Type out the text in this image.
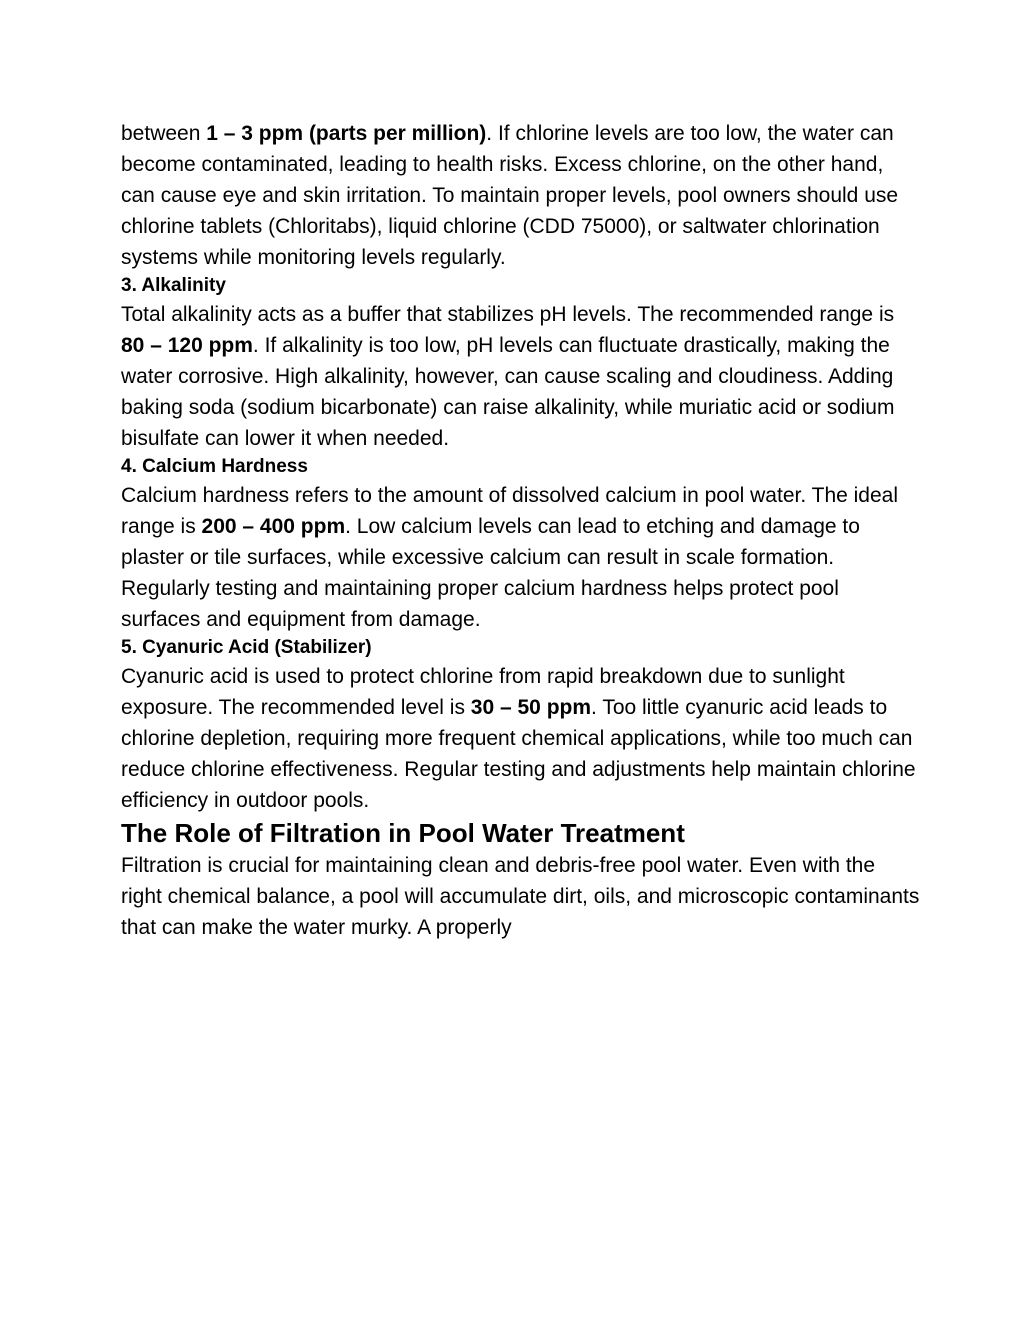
between 1 – 3 ppm (parts per million). If chlorine levels are too low, the water can become contaminated, leading to health risks. Excess chlorine, on the other hand, can cause eye and skin irritation. To maintain proper levels, pool owners should use chlorine tablets (Chloritabs), liquid chlorine (CDD 75000), or saltwater chlorination systems while monitoring levels regularly.

3. Alkalinity

Total alkalinity acts as a buffer that stabilizes pH levels. The recommended range is 80 – 120 ppm. If alkalinity is too low, pH levels can fluctuate drastically, making the water corrosive. High alkalinity, however, can cause scaling and cloudiness. Adding baking soda (sodium bicarbonate) can raise alkalinity, while muriatic acid or sodium bisulfate can lower it when needed.

4. Calcium Hardness

Calcium hardness refers to the amount of dissolved calcium in pool water. The ideal range is 200 – 400 ppm. Low calcium levels can lead to etching and damage to plaster or tile surfaces, while excessive calcium can result in scale formation. Regularly testing and maintaining proper calcium hardness helps protect pool surfaces and equipment from damage.

5. Cyanuric Acid (Stabilizer)

Cyanuric acid is used to protect chlorine from rapid breakdown due to sunlight exposure. The recommended level is 30 – 50 ppm. Too little cyanuric acid leads to chlorine depletion, requiring more frequent chemical applications, while too much can reduce chlorine effectiveness. Regular testing and adjustments help maintain chlorine efficiency in outdoor pools.

The Role of Filtration in Pool Water Treatment

Filtration is crucial for maintaining clean and debris-free pool water. Even with the right chemical balance, a pool will accumulate dirt, oils, and microscopic contaminants that can make the water murky. A properly
